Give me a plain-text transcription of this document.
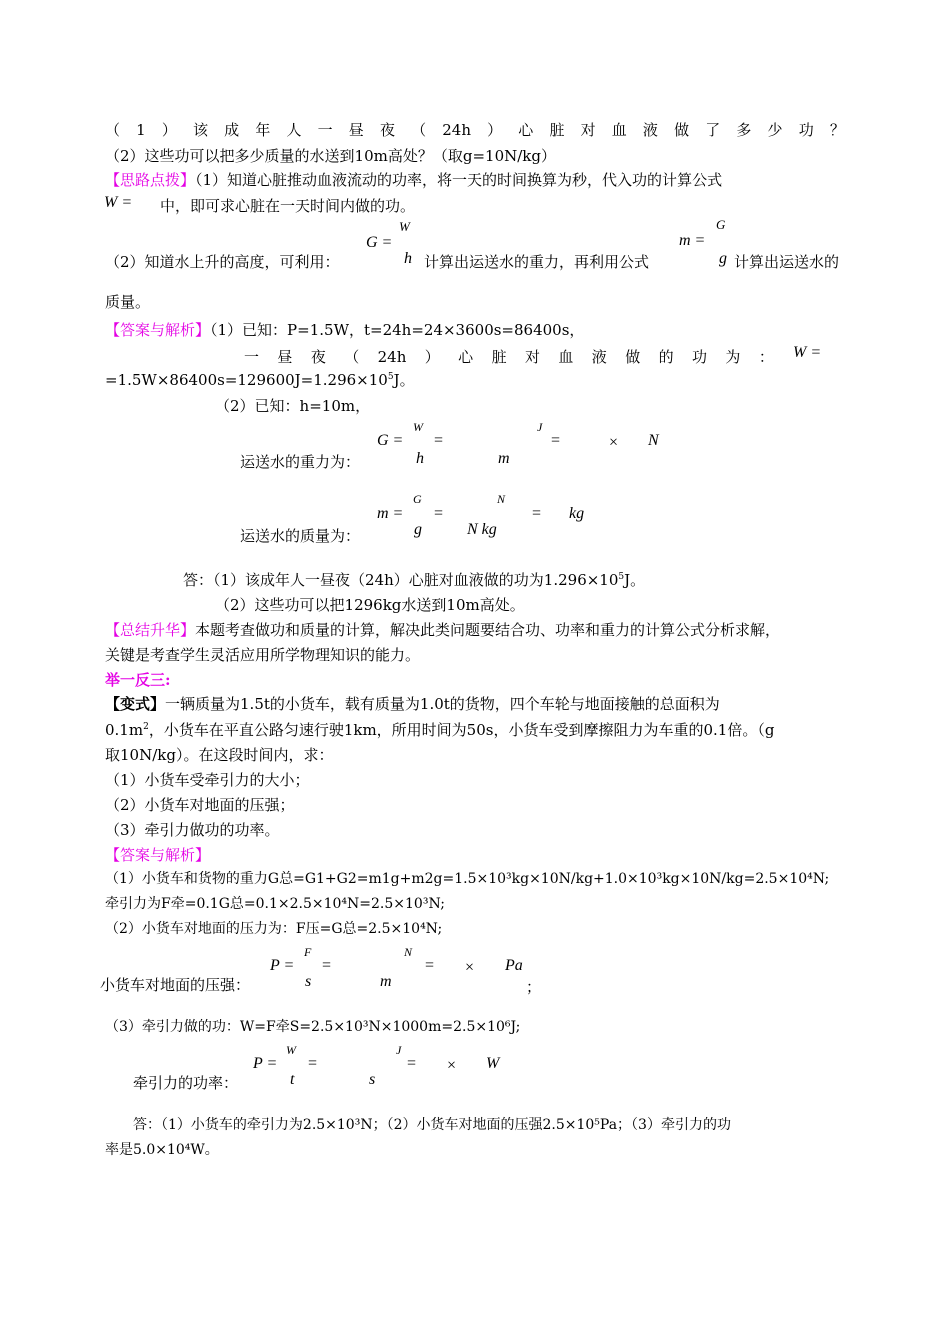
（ 1 ） 该 成 年 人 一 昼 夜 （ 24h ） 心 脏 对 血 液 做 了 多 少 功 ？
（2）这些功可以把多少质量的水送到10m高处？（取g=10N/kg）
【思路点拨】（1）知道心脏推动血液流动的功率，将一天的时间换算为秒，代入功的计算公式
W = 中，即可求心脏在一天时间内做的功。
G =
W
h
m =
G
g
（2）知道水上升的高度，可利用：	计算出运送水的重力，再利用公式	计算出运送水的
质量。
【答案与解析】（1）已知：P=1.5W，t=24h=24×3600s=86400s，
一 昼 夜 （ 24h ） 心 脏 对 血 液 做 的 功 为 ： W =
$=1.5W\times 86400s=129600J=1.296\times 10^5J$。
（2）已知：h=10m，
G =
W
h
=
J
m
=	× N
运送水的重力为：
m =
G
g
=
N
N kg
= kg
运送水的质量为：
答：（1）该成年人一昼夜（24h）心脏对血液做的功为$1.296\times 10^5J$。
（2）这些功可以把1296kg水送到10m高处。
【总结升华】本题考查做功和质量的计算，解决此类问题要结合功、功率和重力的计算公式分析求解，
关键是考查学生灵活应用所学物理知识的能力。
举一反三:
【变式】一辆质量为1.5t的小货车，载有质量为1.0t的货物，四个车轮与地面接触的总面积为
$0.1m^2$，小货车在平直公路匀速行驶1km，所用时间为50s，小货车受到摩擦阻力为车重的0.1倍。（g
取10N/kg）。在这段时间内，求：
（1）小货车受牵引力的大小；
（2）小货车对地面的压强；
（3）牵引力做功的功率。
【答案与解析】
（1）小货车和货物的重力G总=G1+G2=m1g+m2g=1.5×10³kg×10N/kg+1.0×10³kg×10N/kg=2.5×10⁴N;
牵引力为F牵=0.1G总=0.1×2.5×10⁴N=2.5×10³N;
（2）小货车对地面的压力为：F压=G总=2.5×10⁴N;
P =
F
s
=
N
m
= × Pa
小货车对地面的压强：	；
（3）牵引力做的功：W=F牵S=2.5×10³N×1000m=2.5×10⁶J;
P =
W
t
=
J
s
= × W
牵引力的功率：
答：（1）小货车的牵引力为2.5×10³N；（2）小货车对地面的压强2.5×10⁵Pa；（3）牵引力的功
率是5.0×10⁴W。
